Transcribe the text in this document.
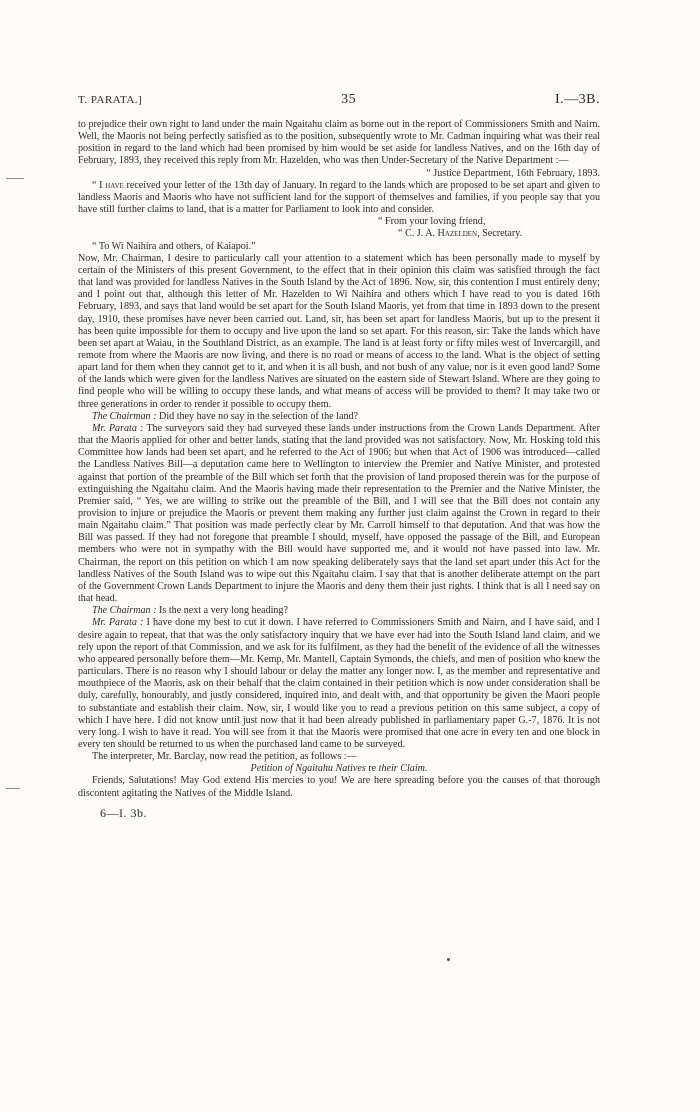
T. PARATA.]	35	I.—3B.

to prejudice their own right to land under the main Ngaitahu claim as borne out in the report of Commissioners Smith and Nairn. Well, the Maoris not being perfectly satisfied as to the position, subsequently wrote to Mr. Cadman inquiring what was their real position in regard to the land which had been promised by him would be set aside for landless Natives, and on the 16th day of February, 1893, they received this reply from Mr. Hazelden, who was then Under-Secretary of the Native Department :—

“ Justice Department, 16th February, 1893.

“ I have received your letter of the 13th day of January. In regard to the lands which are proposed to be set apart and given to landless Maoris and Maoris who have not sufficient land for the support of themselves and families, if you people say that you have still further claims to land, that is a matter for Parliament to look into and consider.

“ From your loving friend,

“ C. J. A. Hazelden, Secretary.

“ To Wi Naihira and others, of Kaiapoi.”

Now, Mr. Chairman, I desire to particularly call your attention to a statement which has been personally made to myself by certain of the Ministers of this present Government, to the effect that in their opinion this claim was satisfied through the fact that land was provided for landless Natives in the South Island by the Act of 1896. Now, sir, this contention I must entirely deny; and I point out that, although this letter of Mr. Hazelden to Wi Naihira and others which I have read to you is dated 16th February, 1893, and says that land would be set apart for the South Island Maoris, yet from that time in 1893 down to the present day, 1910, these promises have never been carried out. Land, sir, has been set apart for landless Maoris, but up to the present it has been quite impossible for them to occupy and live upon the land so set apart. For this reason, sir: Take the lands which have been set apart at Waiau, in the Southland District, as an example. The land is at least forty or fifty miles west of Invercargill, and remote from where the Maoris are now living, and there is no road or means of access to the land. What is the object of setting apart land for them when they cannot get to it, and when it is all bush, and not bush of any value, nor is it even good land? Some of the lands which were given for the landless Natives are situated on the eastern side of Stewart Island. Where are they going to find people who will be willing to occupy these lands, and what means of access will be provided to them? It may take two or three generations in order to render it possible to occupy them.

The Chairman : Did they have no say in the selection of the land?

Mr. Parata : The surveyors said they had surveyed these lands under instructions from the Crown Lands Department. After that the Maoris applied for other and better lands, stating that the land provided was not satisfactory. Now, Mr. Hosking told this Committee how lands had been set apart, and he referred to the Act of 1906; but when that Act of 1906 was introduced—called the Landless Natives Bill—a deputation came here to Wellington to interview the Premier and Native Minister, and protested against that portion of the preamble of the Bill which set forth that the provision of land proposed therein was for the purpose of extinguishing the Ngaitahu claim. And the Maoris having made their representation to the Premier and the Native Minister, the Premier said, “ Yes, we are willing to strike out the preamble of the Bill, and I will see that the Bill does not contain any provision to injure or prejudice the Maoris or prevent them making any further just claim against the Crown in regard to their main Ngaitahu claim.” That position was made perfectly clear by Mr. Carroll himself to that deputation. And that was how the Bill was passed. If they had not foregone that preamble I should, myself, have opposed the passage of the Bill, and European members who were not in sympathy with the Bill would have supported me, and it would not have passed into law. Mr. Chairman, the report on this petition on which I am now speaking deliberately says that the land set apart under this Act for the landless Natives of the South Island was to wipe out this Ngaitahu claim. I say that that is another deliberate attempt on the part of the Government Crown Lands Department to injure the Maoris and deny them their just rights. I think that is all I need say on that head.

The Chairman : Is the next a very long heading?

Mr. Parata : I have done my best to cut it down. I have referred to Commissioners Smith and Nairn, and I have said, and I desire again to repeat, that that was the only satisfactory inquiry that we have ever had into the South Island land claim, and we rely upon the report of that Commission, and we ask for its fulfilment, as they had the benefit of the evidence of all the witnesses who appeared personally before them—Mr. Kemp, Mr. Mantell, Captain Symonds, the chiefs, and men of position who knew the particulars. There is no reason why I should labour or delay the matter any longer now. I, as the member and representative and mouthpiece of the Maoris, ask on their behalf that the claim contained in their petition which is now under consideration shall be duly, carefully, honourably, and justly considered, inquired into, and dealt with, and that opportunity be given the Maori people to substantiate and establish their claim. Now, sir, I would like you to read a previous petition on this same subject, a copy of which I have here. I did not know until just now that it had been already published in parliamentary paper G.-7, 1876. It is not very long. I wish to have it read. You will see from it that the Maoris were promised that one acre in every ten and one block in every ten should be returned to us when the purchased land came to be surveyed.

The interpreter, Mr. Barclay, now read the petition, as follows :—

Petition of Ngaitahu Natives re their Claim.

Friends, Salutations! May God extend His mercies to you! We are here spreading before you the causes of that thorough discontent agitating the Natives of the Middle Island.

6—I. 3b.
